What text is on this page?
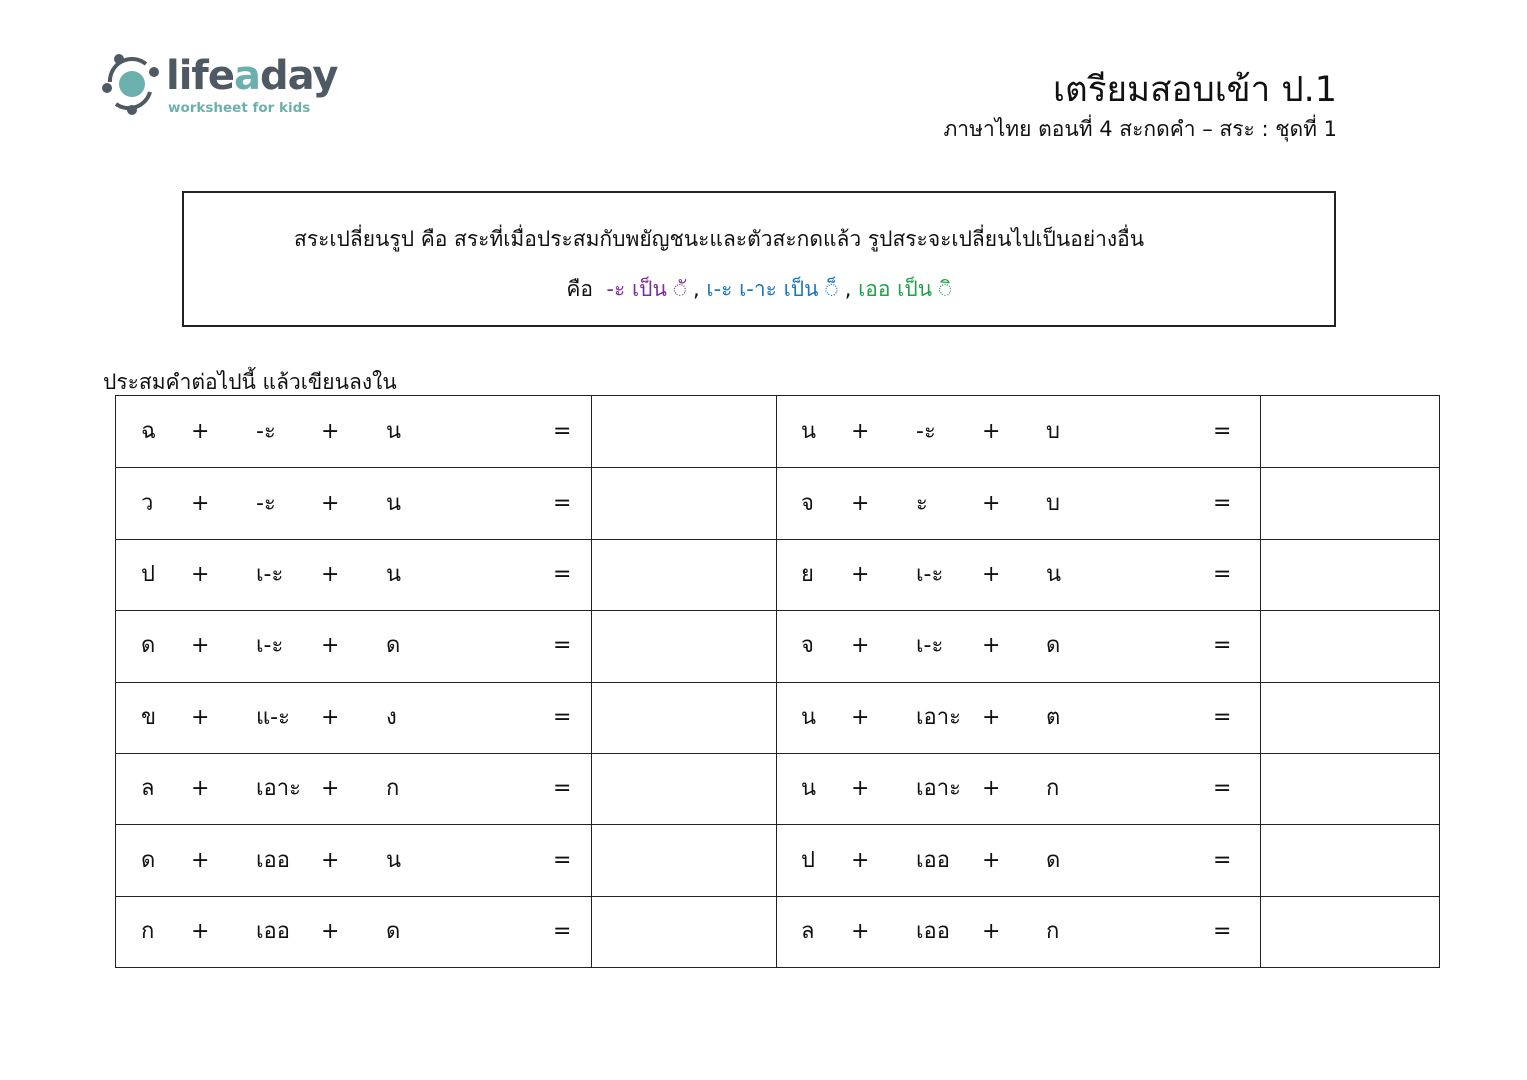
lifeaday
worksheet for kids	เตรียมสอบเข้า ป.1
ภาษาไทย ตอนที่ 4 สะกดคำ – สระ : ชุดที่ 1
สระเปลี่ยนรูป คือ สระที่เมื่อประสมกับพยัญชนะและตัวสะกดแล้ว รูปสระจะเปลี่ยนไปเป็นอย่างอื่น
คือ -ะ เป็น ◌ั , เ-ะ เ-าะ เป็น ◌็ , เออ เป็น ◌ิ
ประสมคำต่อไปนี้ แล้วเขียนลงใน
ฉ + -ะ + น	=	น + -ะ + บ	=
ว + -ะ + น	=	จ + ะ + บ	=
ป + เ-ะ + น	=	ย + เ-ะ + น	=
ด + เ-ะ + ด	=	จ + เ-ะ + ด	=
ข + แ-ะ + ง	=	น + เอาะ + ต	=
ล + เอาะ + ก	=	น + เอาะ + ก	=
ด + เออ + น	=	ป + เออ + ด	=
ก + เออ + ด	=	ล + เออ + ก	=
